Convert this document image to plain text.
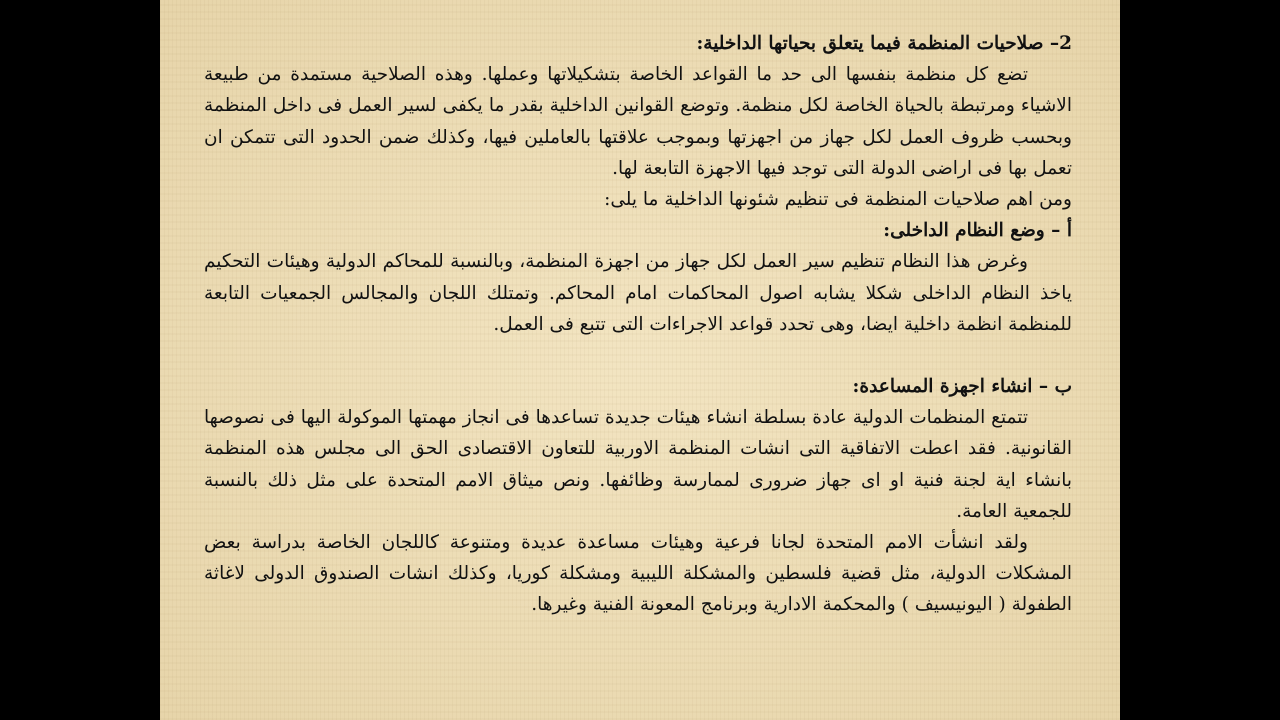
2– صلاحيات المنظمة فيما يتعلق بحياتها الداخلية:

تضع كل منظمة بنفسها الى حد ما القواعد الخاصة بتشكيلاتها وعملها. وهذه الصلاحية مستمدة من طبيعة الاشياء ومرتبطة بالحياة الخاصة لكل منظمة. وتوضع القوانين الداخلية بقدر ما يكفى لسير العمل فى داخل المنظمة وبحسب ظروف العمل لكل جهاز من اجهزتها وبموجب علاقتها بالعاملين فيها، وكذلك ضمن الحدود التى تتمكن ان تعمل بها فى اراضى الدولة التى توجد فيها الاجهزة التابعة لها.

ومن اهم صلاحيات المنظمة فى تنظيم شئونها الداخلية ما يلى:

أ – وضع النظام الداخلى:

وغرض هذا النظام تنظيم سير العمل لكل جهاز من اجهزة المنظمة، وبالنسبة للمحاكم الدولية وهيئات التحكيم ياخذ النظام الداخلى شكلا يشابه اصول المحاكمات امام المحاكم. وتمتلك اللجان والمجالس الجمعيات التابعة للمنظمة انظمة داخلية ايضا، وهى تحدد قواعد الاجراءات التى تتبع فى العمل.

ب – انشاء اجهزة المساعدة:

تتمتع المنظمات الدولية عادة بسلطة انشاء هيئات جديدة تساعدها فى انجاز مهمتها الموكولة اليها فى نصوصها القانونية. فقد اعطت الاتفاقية التى انشات المنظمة الاوربية للتعاون الاقتصادى الحق الى مجلس هذه المنظمة بانشاء اية لجنة فنية او اى جهاز ضرورى لممارسة وظائفها. ونص ميثاق الامم المتحدة على مثل ذلك بالنسبة للجمعية العامة.

ولقد انشأت الامم المتحدة لجانا فرعية وهيئات مساعدة عديدة ومتنوعة كاللجان الخاصة بدراسة بعض المشكلات الدولية، مثل قضية فلسطين والمشكلة الليبية ومشكلة كوريا، وكذلك انشات الصندوق الدولى لاغاثة الطفولة ( اليونيسيف ) والمحكمة الادارية وبرنامج المعونة الفنية وغيرها.
